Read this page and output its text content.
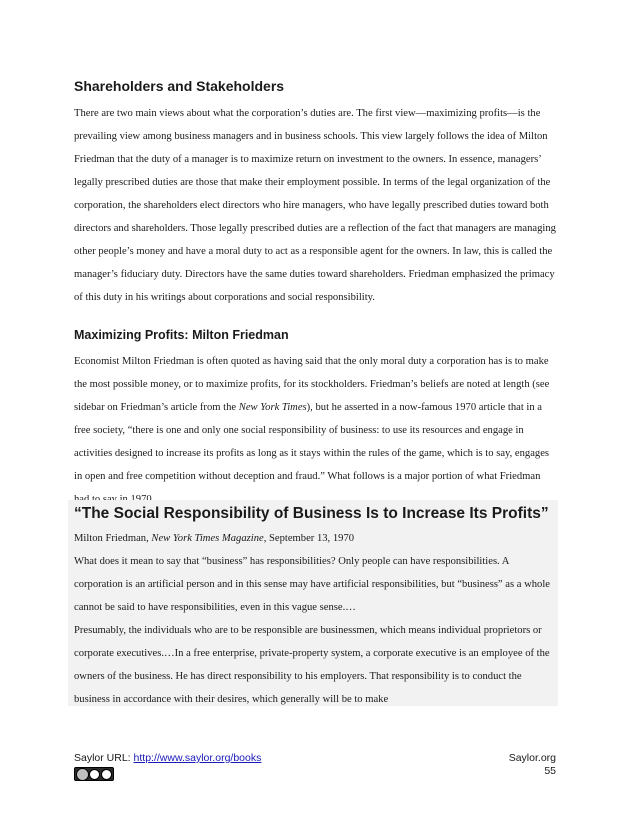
Shareholders and Stakeholders

There are two main views about what the corporation’s duties are. The first view—maximizing profits—is the prevailing view among business managers and in business schools. This view largely follows the idea of Milton Friedman that the duty of a manager is to maximize return on investment to the owners. In essence, managers’ legally prescribed duties are those that make their employment possible. In terms of the legal organization of the corporation, the shareholders elect directors who hire managers, who have legally prescribed duties toward both directors and shareholders. Those legally prescribed duties are a reflection of the fact that managers are managing other people’s money and have a moral duty to act as a responsible agent for the owners. In law, this is called the manager’s fiduciary duty. Directors have the same duties toward shareholders. Friedman emphasized the primacy of this duty in his writings about corporations and social responsibility.

Maximizing Profits: Milton Friedman

Economist Milton Friedman is often quoted as having said that the only moral duty a corporation has is to make the most possible money, or to maximize profits, for its stockholders. Friedman’s beliefs are noted at length (see sidebar on Friedman’s article from the New York Times), but he asserted in a now-famous 1970 article that in a free society, “there is one and only one social responsibility of business: to use its resources and engage in activities designed to increase its profits as long as it stays within the rules of the game, which is to say, engages in open and free competition without deception and fraud.” What follows is a major portion of what Friedman

“The Social Responsibility of Business Is to Increase Its Profits”

Milton Friedman, New York Times Magazine, September 13, 1970

What does it mean to say that “business” has responsibilities? Only people can have responsibilities. A corporation is an artificial person and in this sense may have artificial responsibilities, but “business” as a whole cannot be said to have responsibilities, even in this vague sense.…

Presumably, the individuals who are to be responsible are businessmen, which means individual proprietors or corporate executives.…In a free enterprise, private-property system, a corporate executive is an employee of the owners of the business. He has direct responsibility to his employers. That responsibility is to conduct the business in accordance with their desires, which generally will be to make

Saylor URL: http://www.saylor.org/books	Saylor.org
55
